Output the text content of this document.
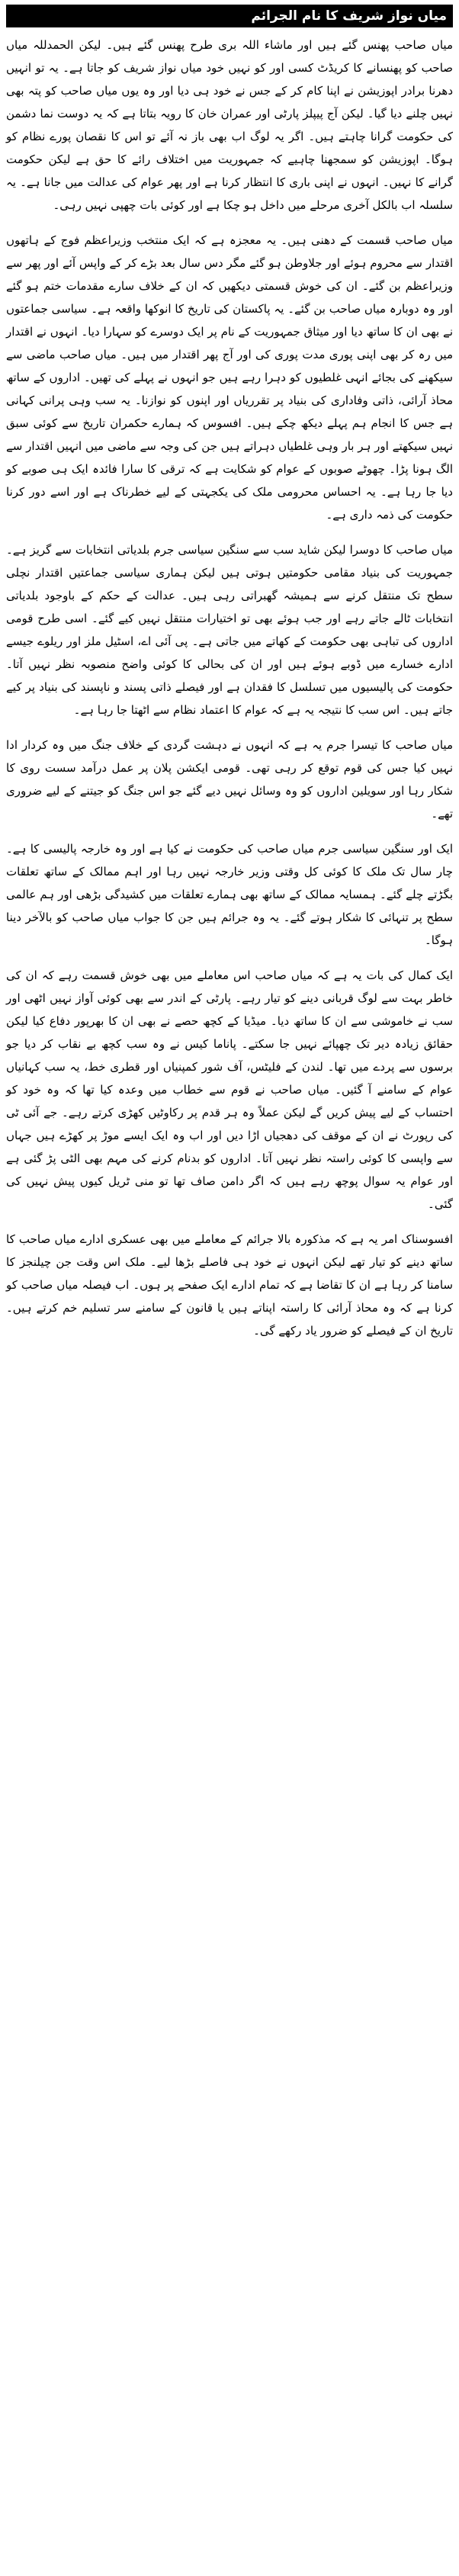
میاں نواز شریف کا نام الجرائم

میاں صاحب پھنس گئے ہیں اور ماشاء اللہ بری طرح پھنس گئے ہیں۔ لیکن الحمدللہ میاں صاحب کو پھنسانے کا کریڈٹ کسی اور کو نہیں خود میاں نواز شریف کو جاتا ہے۔ یہ تو انہیں دھرنا برادر اپوزیشن نے اپنا کام کر کے جس نے خود ہی دیا اور وہ یوں میاں صاحب کو پتہ بھی نہیں چلنے دیا گیا۔ لیکن آج پیپلز پارٹی اور عمران خان کا رویہ بتاتا ہے کہ یہ دوست نما دشمن کی حکومت گرانا چاہتے ہیں۔ اگر یہ لوگ اب بھی باز نہ آئے تو اس کا نقصان پورے نظام کو ہوگا۔ اپوزیشن کو سمجھنا چاہیے کہ جمہوریت میں اختلاف رائے کا حق ہے لیکن حکومت گرانے کا نہیں۔ انہوں نے اپنی باری کا انتظار کرنا ہے اور پھر عوام کی عدالت میں جانا ہے۔ یہ سلسلہ اب بالکل آخری مرحلے میں داخل ہو چکا ہے اور کوئی بات چھپی نہیں رہی۔

میاں صاحب قسمت کے دھنی ہیں۔ یہ معجزہ ہے کہ ایک منتخب وزیراعظم فوج کے ہاتھوں اقتدار سے محروم ہوئے اور جلاوطن ہو گئے مگر دس سال بعد بڑے کر کے واپس آئے اور پھر سے وزیراعظم بن گئے۔ ان کی خوش قسمتی دیکھیں کہ ان کے خلاف سارے مقدمات ختم ہو گئے اور وہ دوبارہ میاں صاحب بن گئے۔ یہ پاکستان کی تاریخ کا انوکھا واقعہ ہے۔ سیاسی جماعتوں نے بھی ان کا ساتھ دیا اور میثاق جمہوریت کے نام پر ایک دوسرے کو سہارا دیا۔ انہوں نے اقتدار میں رہ کر بھی اپنی پوری مدت پوری کی اور آج پھر اقتدار میں ہیں۔ میاں صاحب ماضی سے سیکھنے کی بجائے انہی غلطیوں کو دہرا رہے ہیں جو انہوں نے پہلے کی تھیں۔ اداروں کے ساتھ محاذ آرائی، ذاتی وفاداری کی بنیاد پر تقرریاں اور اپنوں کو نوازنا۔ یہ سب وہی پرانی کہانی ہے جس کا انجام ہم پہلے دیکھ چکے ہیں۔ افسوس کہ ہمارے حکمران تاریخ سے کوئی سبق نہیں سیکھتے اور ہر بار وہی غلطیاں دہراتے ہیں جن کی وجہ سے ماضی میں انہیں اقتدار سے الگ ہونا پڑا۔ چھوٹے صوبوں کے عوام کو شکایت ہے کہ ترقی کا سارا فائدہ ایک ہی صوبے کو دیا جا رہا ہے۔ یہ احساس محرومی ملک کی یکجہتی کے لیے خطرناک ہے اور اسے دور کرنا حکومت کی ذمہ داری ہے۔

میاں صاحب کا دوسرا لیکن شاید سب سے سنگین سیاسی جرم بلدیاتی انتخابات سے گریز ہے۔ جمہوریت کی بنیاد مقامی حکومتیں ہوتی ہیں لیکن ہماری سیاسی جماعتیں اقتدار نچلی سطح تک منتقل کرنے سے ہمیشہ گھبراتی رہی ہیں۔ عدالت کے حکم کے باوجود بلدیاتی انتخابات ٹالے جاتے رہے اور جب ہوئے بھی تو اختیارات منتقل نہیں کیے گئے۔ اسی طرح قومی اداروں کی تباہی بھی حکومت کے کھاتے میں جاتی ہے۔ پی آئی اے، اسٹیل ملز اور ریلوے جیسے ادارے خسارے میں ڈوبے ہوئے ہیں اور ان کی بحالی کا کوئی واضح منصوبہ نظر نہیں آتا۔ حکومت کی پالیسیوں میں تسلسل کا فقدان ہے اور فیصلے ذاتی پسند و ناپسند کی بنیاد پر کیے جاتے ہیں۔ اس سب کا نتیجہ یہ ہے کہ عوام کا اعتماد نظام سے اٹھتا جا رہا ہے۔

میاں صاحب کا تیسرا جرم یہ ہے کہ انہوں نے دہشت گردی کے خلاف جنگ میں وہ کردار ادا نہیں کیا جس کی قوم توقع کر رہی تھی۔ قومی ایکشن پلان پر عمل درآمد سست روی کا شکار رہا اور سویلین اداروں کو وہ وسائل نہیں دیے گئے جو اس جنگ کو جیتنے کے لیے ضروری تھے۔

ایک اور سنگین سیاسی جرم میاں صاحب کی حکومت نے کیا ہے اور وہ خارجہ پالیسی کا ہے۔ چار سال تک ملک کا کوئی کل وقتی وزیر خارجہ نہیں رہا اور اہم ممالک کے ساتھ تعلقات بگڑتے چلے گئے۔ ہمسایہ ممالک کے ساتھ بھی ہمارے تعلقات میں کشیدگی بڑھی اور ہم عالمی سطح پر تنہائی کا شکار ہوتے گئے۔ یہ وہ جرائم ہیں جن کا جواب میاں صاحب کو بالآخر دینا ہوگا۔

ایک کمال کی بات یہ ہے کہ میاں صاحب اس معاملے میں بھی خوش قسمت رہے کہ ان کی خاطر بہت سے لوگ قربانی دینے کو تیار رہے۔ پارٹی کے اندر سے بھی کوئی آواز نہیں اٹھی اور سب نے خاموشی سے ان کا ساتھ دیا۔ میڈیا کے کچھ حصے نے بھی ان کا بھرپور دفاع کیا لیکن حقائق زیادہ دیر تک چھپائے نہیں جا سکتے۔ پاناما کیس نے وہ سب کچھ بے نقاب کر دیا جو برسوں سے پردے میں تھا۔ لندن کے فلیٹس، آف شور کمپنیاں اور قطری خط، یہ سب کہانیاں عوام کے سامنے آ گئیں۔ میاں صاحب نے قوم سے خطاب میں وعدہ کیا تھا کہ وہ خود کو احتساب کے لیے پیش کریں گے لیکن عملاً وہ ہر قدم پر رکاوٹیں کھڑی کرتے رہے۔ جے آئی ٹی کی رپورٹ نے ان کے موقف کی دھجیاں اڑا دیں اور اب وہ ایک ایسے موڑ پر کھڑے ہیں جہاں سے واپسی کا کوئی راستہ نظر نہیں آتا۔ اداروں کو بدنام کرنے کی مہم بھی الٹی پڑ گئی ہے اور عوام یہ سوال پوچھ رہے ہیں کہ اگر دامن صاف تھا تو منی ٹریل کیوں پیش نہیں کی گئی۔

افسوسناک امر یہ ہے کہ مذکورہ بالا جرائم کے معاملے میں بھی عسکری ادارے میاں صاحب کا ساتھ دینے کو تیار تھے لیکن انہوں نے خود ہی فاصلے بڑھا لیے۔ ملک اس وقت جن چیلنجز کا سامنا کر رہا ہے ان کا تقاضا ہے کہ تمام ادارے ایک صفحے پر ہوں۔ اب فیصلہ میاں صاحب کو کرنا ہے کہ وہ محاذ آرائی کا راستہ اپناتے ہیں یا قانون کے سامنے سر تسلیم خم کرتے ہیں۔ تاریخ ان کے فیصلے کو ضرور یاد رکھے گی۔
